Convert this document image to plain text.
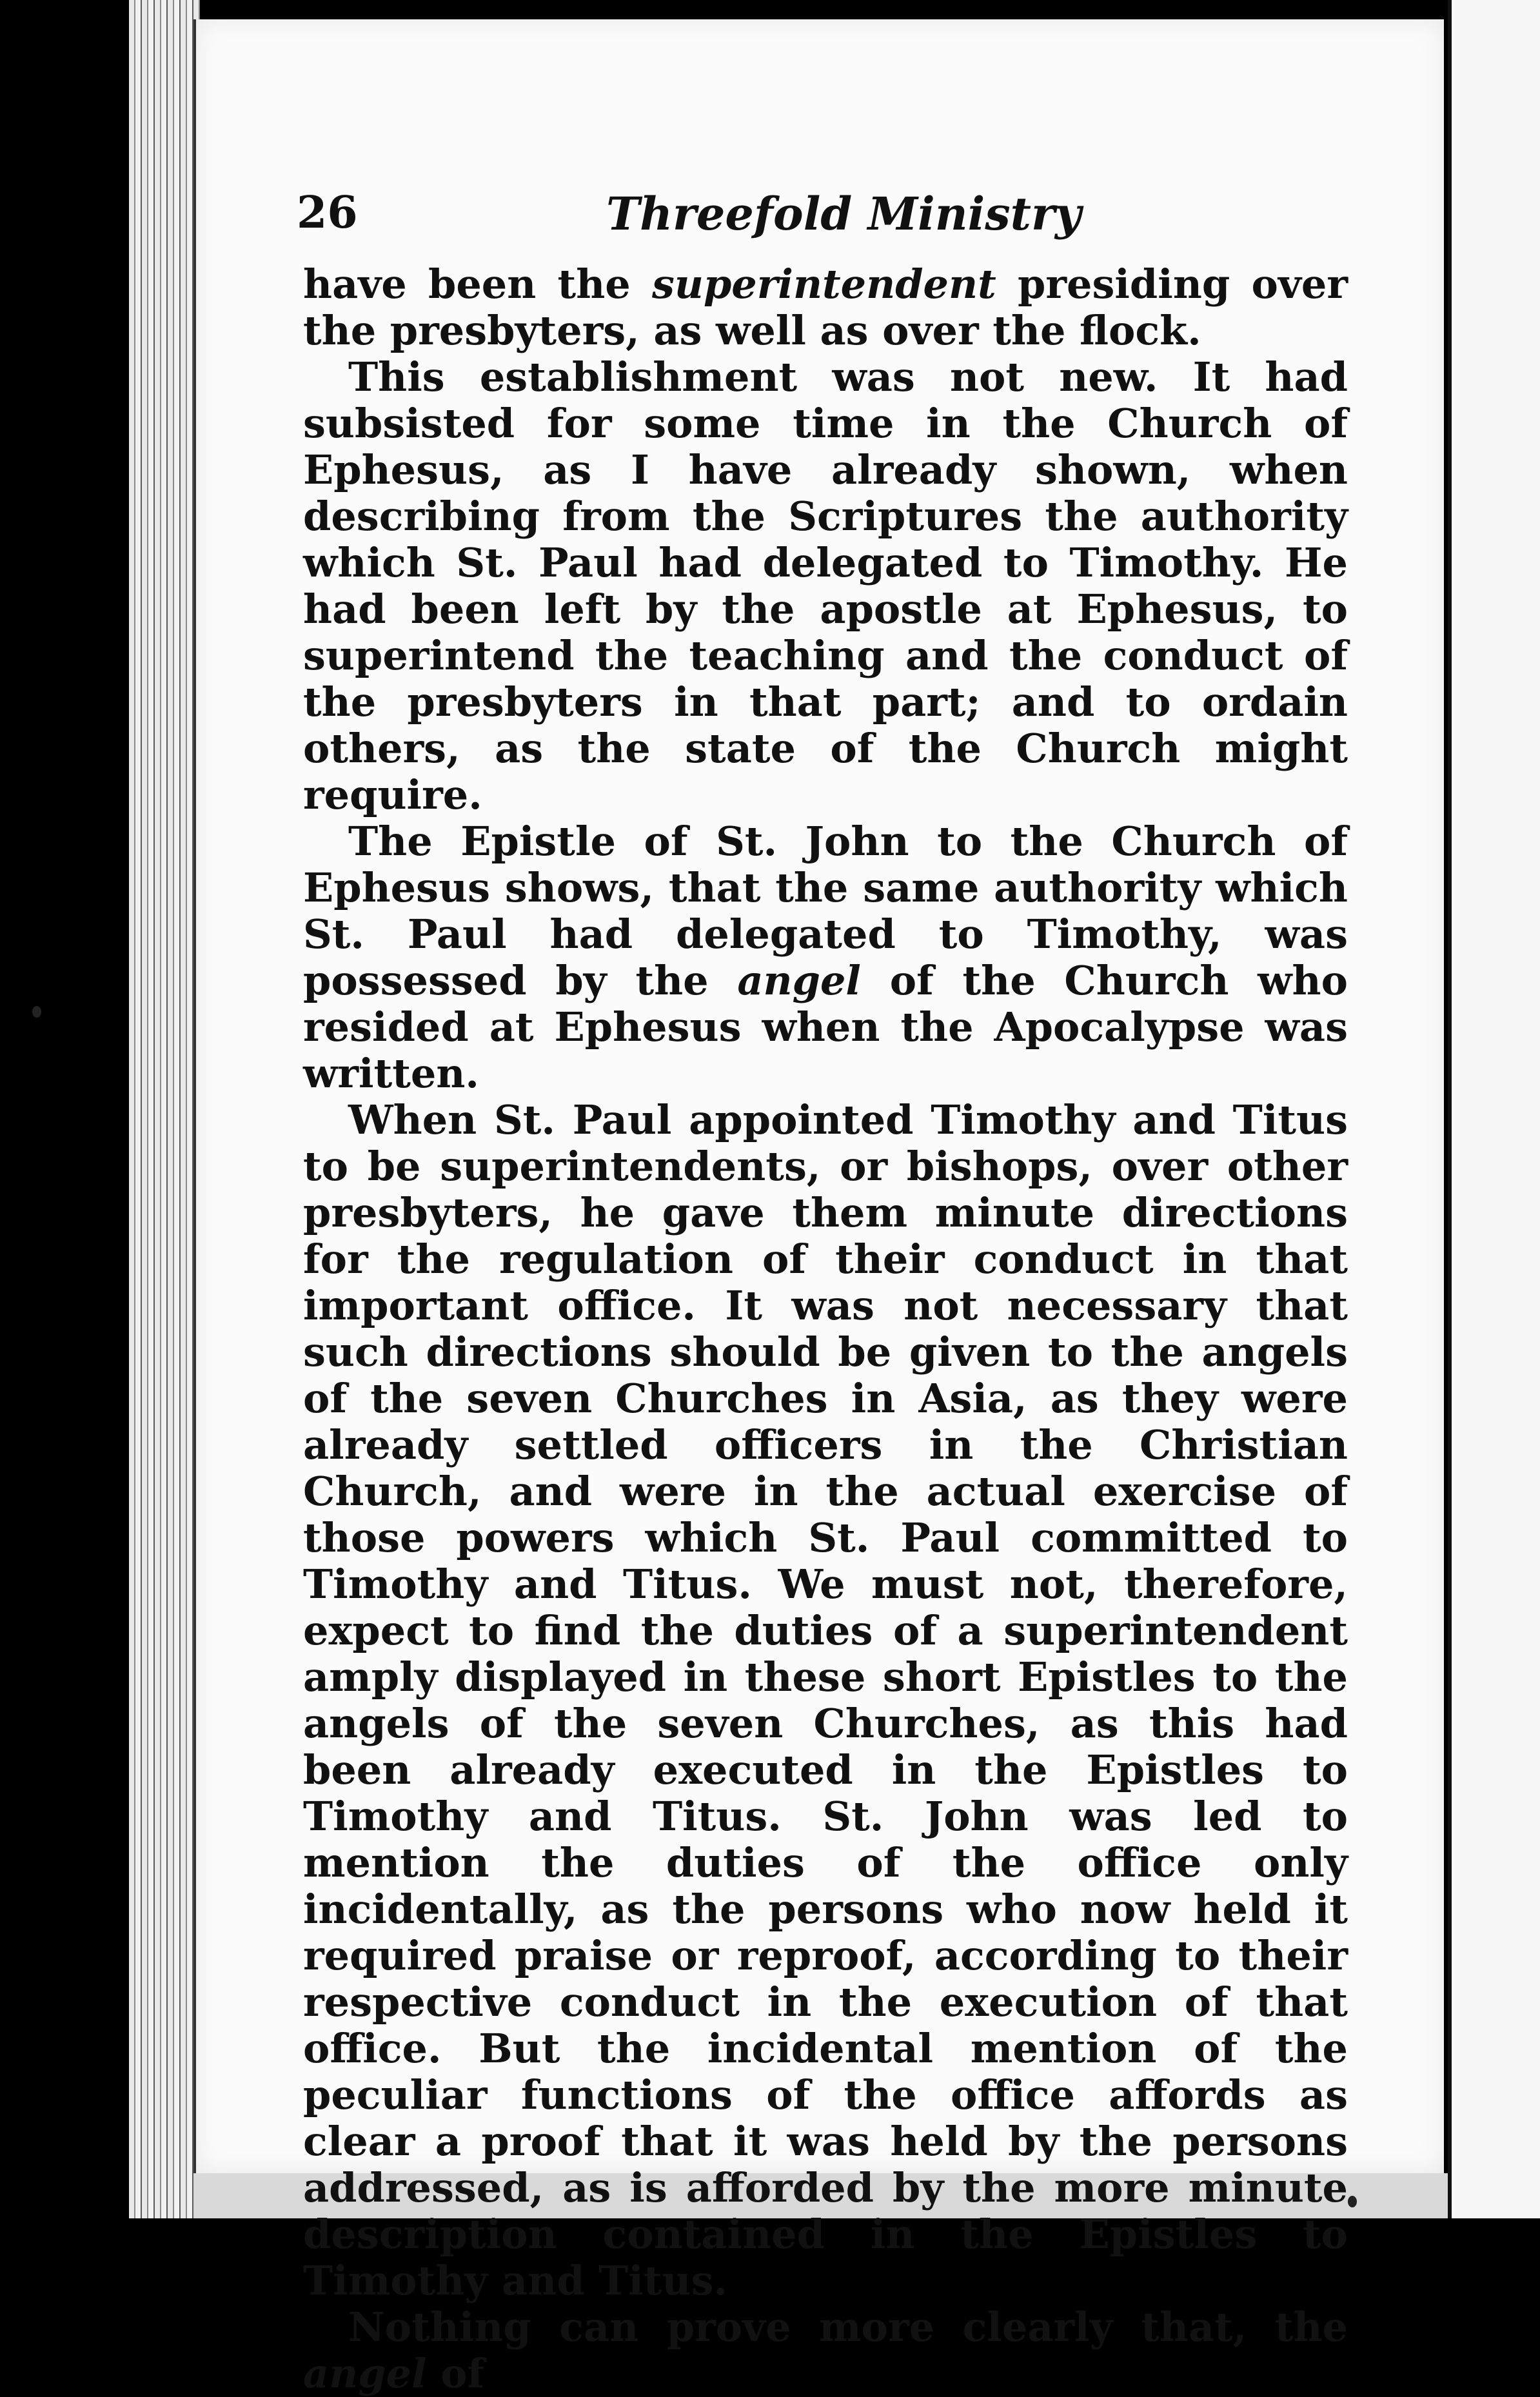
26	Threefold Ministry

have been the superintendent presiding over the presbyters, as well as over the flock.

This establishment was not new. It had subsisted for some time in the Church of Ephesus, as I have already shown, when describing from the Scriptures the authority which St. Paul had delegated to Timothy. He had been left by the apostle at Ephesus, to superintend the teaching and the conduct of the presbyters in that part; and to ordain others, as the state of the Church might require.

The Epistle of St. John to the Church of Ephesus shows, that the same authority which St. Paul had delegated to Timothy, was possessed by the angel of the Church who resided at Ephesus when the Apocalypse was written.

When St. Paul appointed Timothy and Titus to be superintendents, or bishops, over other presbyters, he gave them minute directions for the regulation of their conduct in that important office. It was not necessary that such directions should be given to the angels of the seven Churches in Asia, as they were already settled officers in the Christian Church, and were in the actual exercise of those powers which St. Paul committed to Timothy and Titus. We must not, therefore, expect to find the duties of a superintendent amply displayed in these short Epistles to the angels of the seven Churches, as this had been already executed in the Epistles to Timothy and Titus. St. John was led to mention the duties of the office only incidentally, as the persons who now held it required praise or reproof, according to their respective conduct in the execution of that office. But the incidental mention of the peculiar functions of the office affords as clear a proof that it was held by the persons addressed, as is afforded by the more minute description contained in the Epistles to Timothy and Titus.

Nothing can prove more clearly that, the angel of
